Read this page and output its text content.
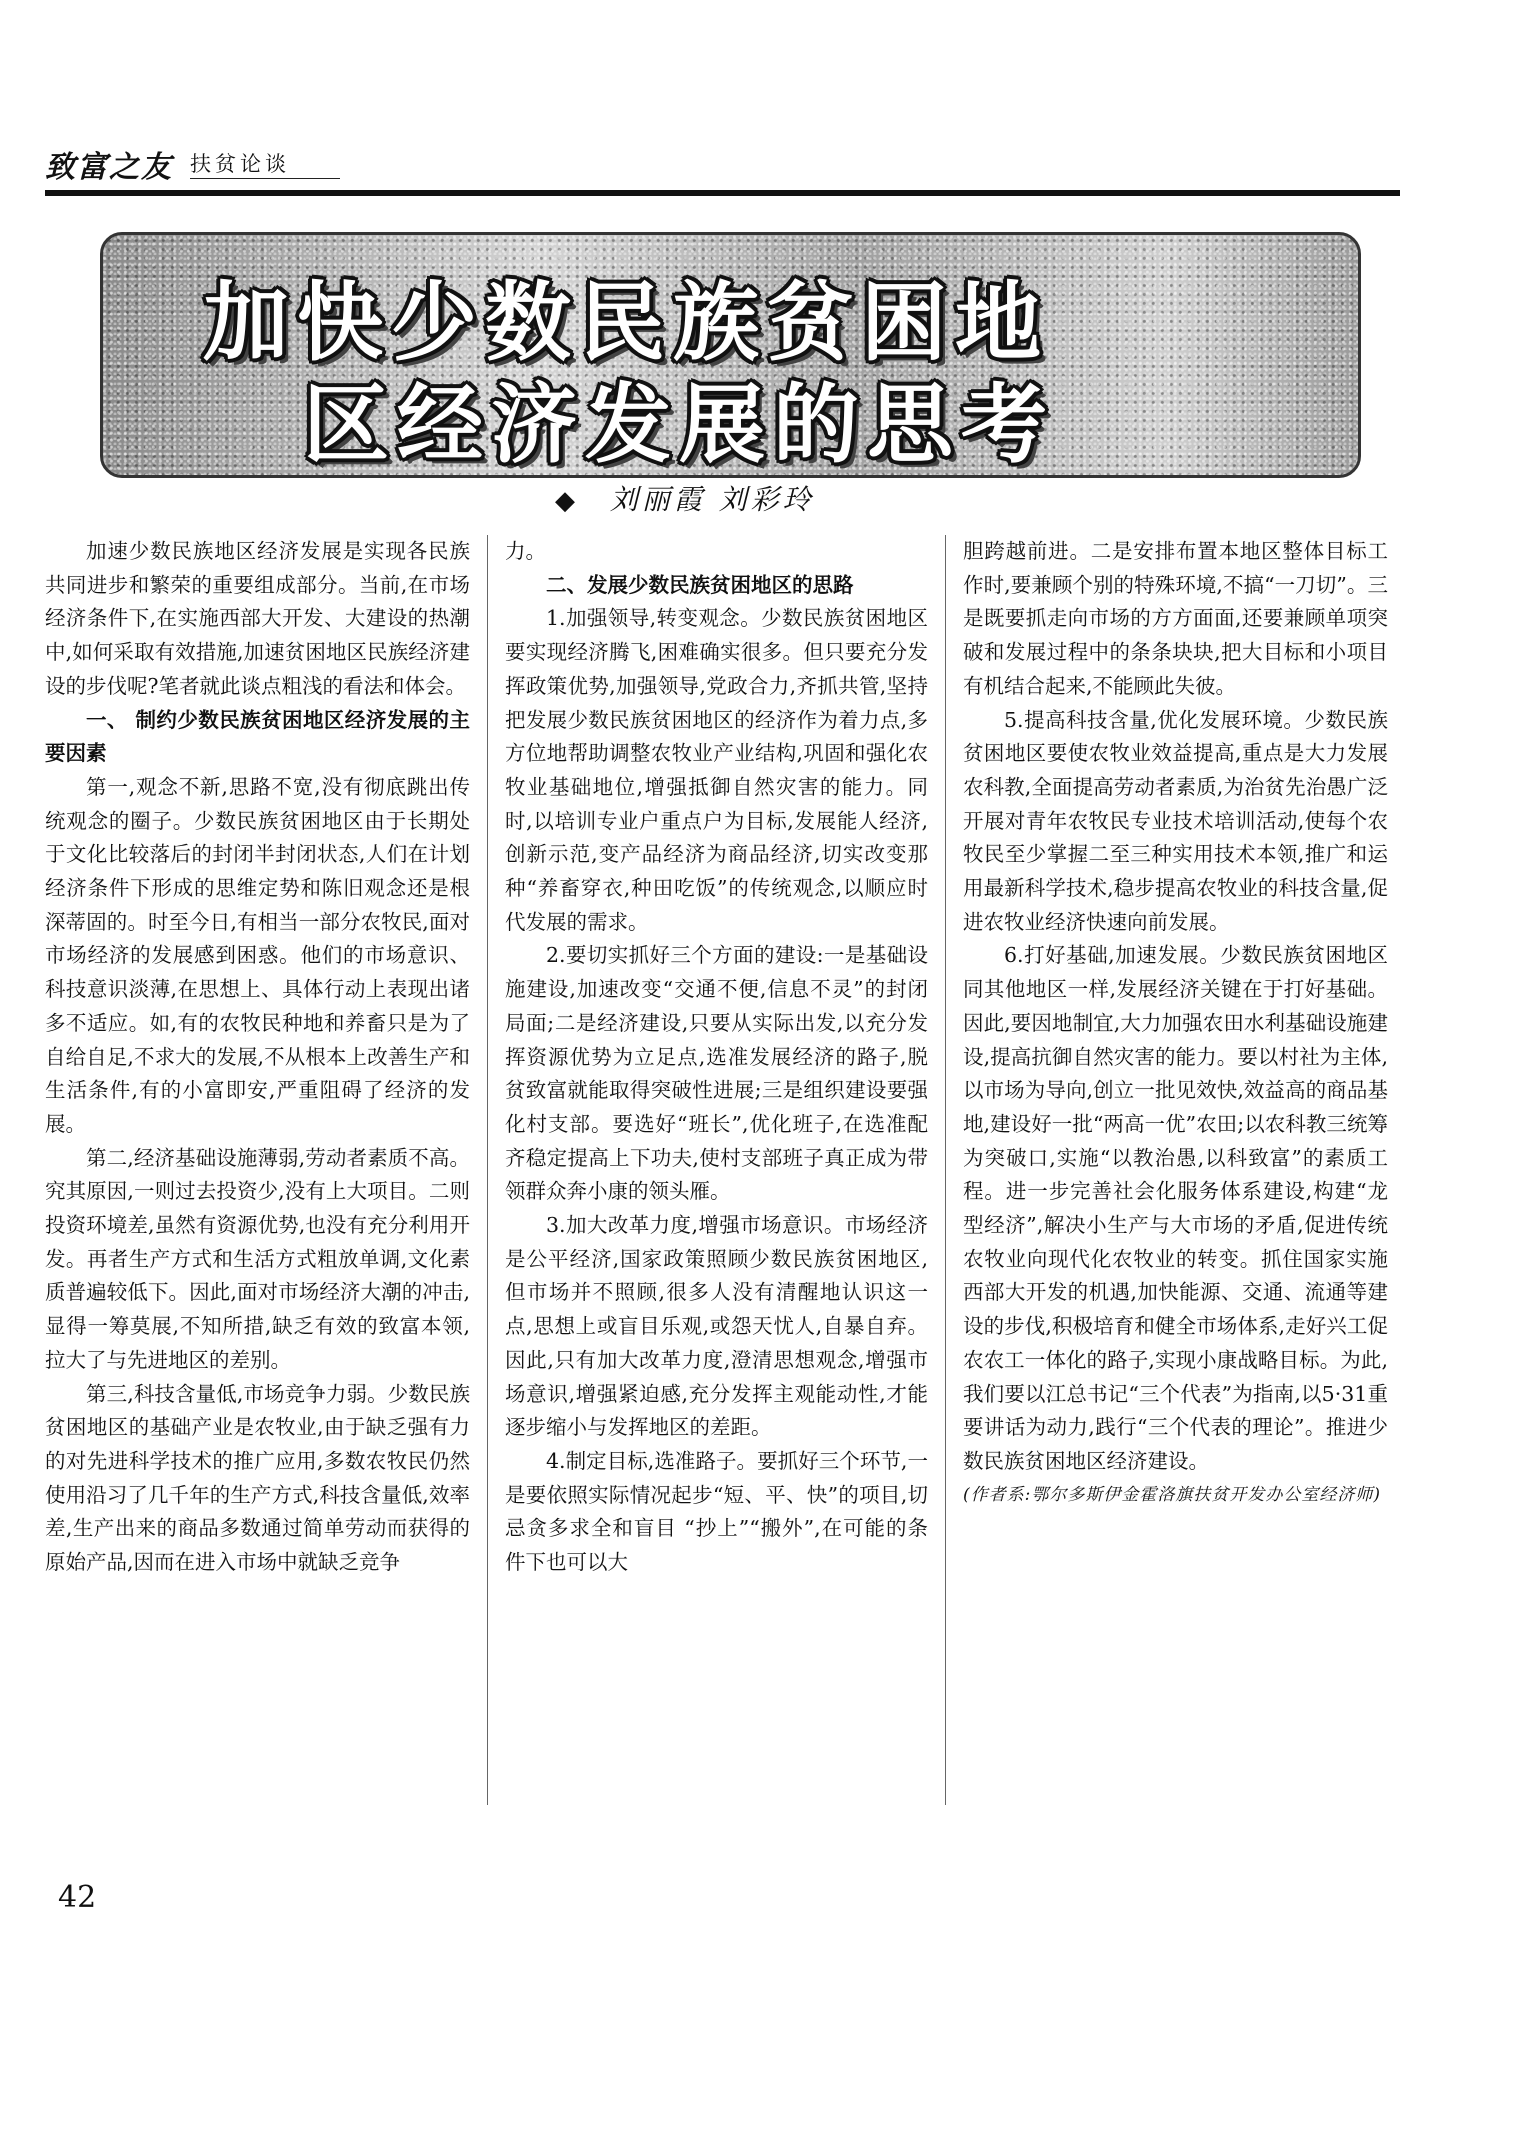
致富之友 扶贫论谈
加快少数民族贫困地
区经济发展的思考
◆ 刘丽霞 刘彩玲

加速少数民族地区经济发展是实现各民族共同进步和繁荣的重要组成部分。当前,在市场经济条件下,在实施西部大开发、大建设的热潮中,如何采取有效措施,加速贫困地区民族经济建设的步伐呢?笔者就此谈点粗浅的看法和体会。

一、 制约少数民族贫困地区经济发展的主要因素

第一,观念不新,思路不宽,没有彻底跳出传统观念的圈子。少数民族贫困地区由于长期处于文化比较落后的封闭半封闭状态,人们在计划经济条件下形成的思维定势和陈旧观念还是根深蒂固的。时至今日,有相当一部分农牧民,面对市场经济的发展感到困惑。他们的市场意识、科技意识淡薄,在思想上、具体行动上表现出诸多不适应。如,有的农牧民种地和养畜只是为了自给自足,不求大的发展,不从根本上改善生产和生活条件,有的小富即安,严重阻碍了经济的发展。

第二,经济基础设施薄弱,劳动者素质不高。究其原因,一则过去投资少,没有上大项目。二则投资环境差,虽然有资源优势,也没有充分利用开发。再者生产方式和生活方式粗放单调,文化素质普遍较低下。因此,面对市场经济大潮的冲击,显得一筹莫展,不知所措,缺乏有效的致富本领,拉大了与先进地区的差别。

第三,科技含量低,市场竞争力弱。少数民族贫困地区的基础产业是农牧业,由于缺乏强有力的对先进科学技术的推广应用,多数农牧民仍然使用沿习了几千年的生产方式,科技含量低,效率差,生产出来的商品多数通过简单劳动而获得的原始产品,因而在进入市场中就缺乏竞争

力。

二、发展少数民族贫困地区的思路

1.加强领导,转变观念。少数民族贫困地区要实现经济腾飞,困难确实很多。但只要充分发挥政策优势,加强领导,党政合力,齐抓共管,坚持把发展少数民族贫困地区的经济作为着力点,多方位地帮助调整农牧业产业结构,巩固和强化农牧业基础地位,增强抵御自然灾害的能力。同时,以培训专业户重点户为目标,发展能人经济,创新示范,变产品经济为商品经济,切实改变那种“养畜穿衣,种田吃饭”的传统观念,以顺应时代发展的需求。

2.要切实抓好三个方面的建设:一是基础设施建设,加速改变“交通不便,信息不灵”的封闭局面;二是经济建设,只要从实际出发,以充分发挥资源优势为立足点,选准发展经济的路子,脱贫致富就能取得突破性进展;三是组织建设要强化村支部。要选好“班长”,优化班子,在选准配齐稳定提高上下功夫,使村支部班子真正成为带领群众奔小康的领头雁。

3.加大改革力度,增强市场意识。市场经济是公平经济,国家政策照顾少数民族贫困地区,但市场并不照顾,很多人没有清醒地认识这一点,思想上或盲目乐观,或怨天忧人,自暴自弃。因此,只有加大改革力度,澄清思想观念,增强市场意识,增强紧迫感,充分发挥主观能动性,才能逐步缩小与发挥地区的差距。

4.制定目标,选准路子。要抓好三个环节,一是要依照实际情况起步“短、平、快”的项目,切忌贪多求全和盲目 “抄上”“搬外”,在可能的条件下也可以大

胆跨越前进。二是安排布置本地区整体目标工作时,要兼顾个别的特殊环境,不搞“一刀切”。三是既要抓走向市场的方方面面,还要兼顾单项突破和发展过程中的条条块块,把大目标和小项目有机结合起来,不能顾此失彼。

5.提高科技含量,优化发展环境。少数民族贫困地区要使农牧业效益提高,重点是大力发展农科教,全面提高劳动者素质,为治贫先治愚广泛开展对青年农牧民专业技术培训活动,使每个农牧民至少掌握二至三种实用技术本领,推广和运用最新科学技术,稳步提高农牧业的科技含量,促进农牧业经济快速向前发展。

6.打好基础,加速发展。少数民族贫困地区同其他地区一样,发展经济关键在于打好基础。因此,要因地制宜,大力加强农田水利基础设施建设,提高抗御自然灾害的能力。要以村社为主体,以市场为导向,创立一批见效快,效益高的商品基地,建设好一批“两高一优”农田;以农科教三统筹为突破口,实施“以教治愚,以科致富”的素质工程。进一步完善社会化服务体系建设,构建“龙型经济”,解决小生产与大市场的矛盾,促进传统农牧业向现代化农牧业的转变。抓住国家实施西部大开发的机遇,加快能源、交通、流通等建设的步伐,积极培育和健全市场体系,走好兴工促农农工一体化的路子,实现小康战略目标。为此,我们要以江总书记“三个代表”为指南,以5·31重要讲话为动力,践行“三个代表的理论”。推进少数民族贫困地区经济建设。

(作者系:鄂尔多斯伊金霍洛旗扶贫开发办公室经济师)

42
